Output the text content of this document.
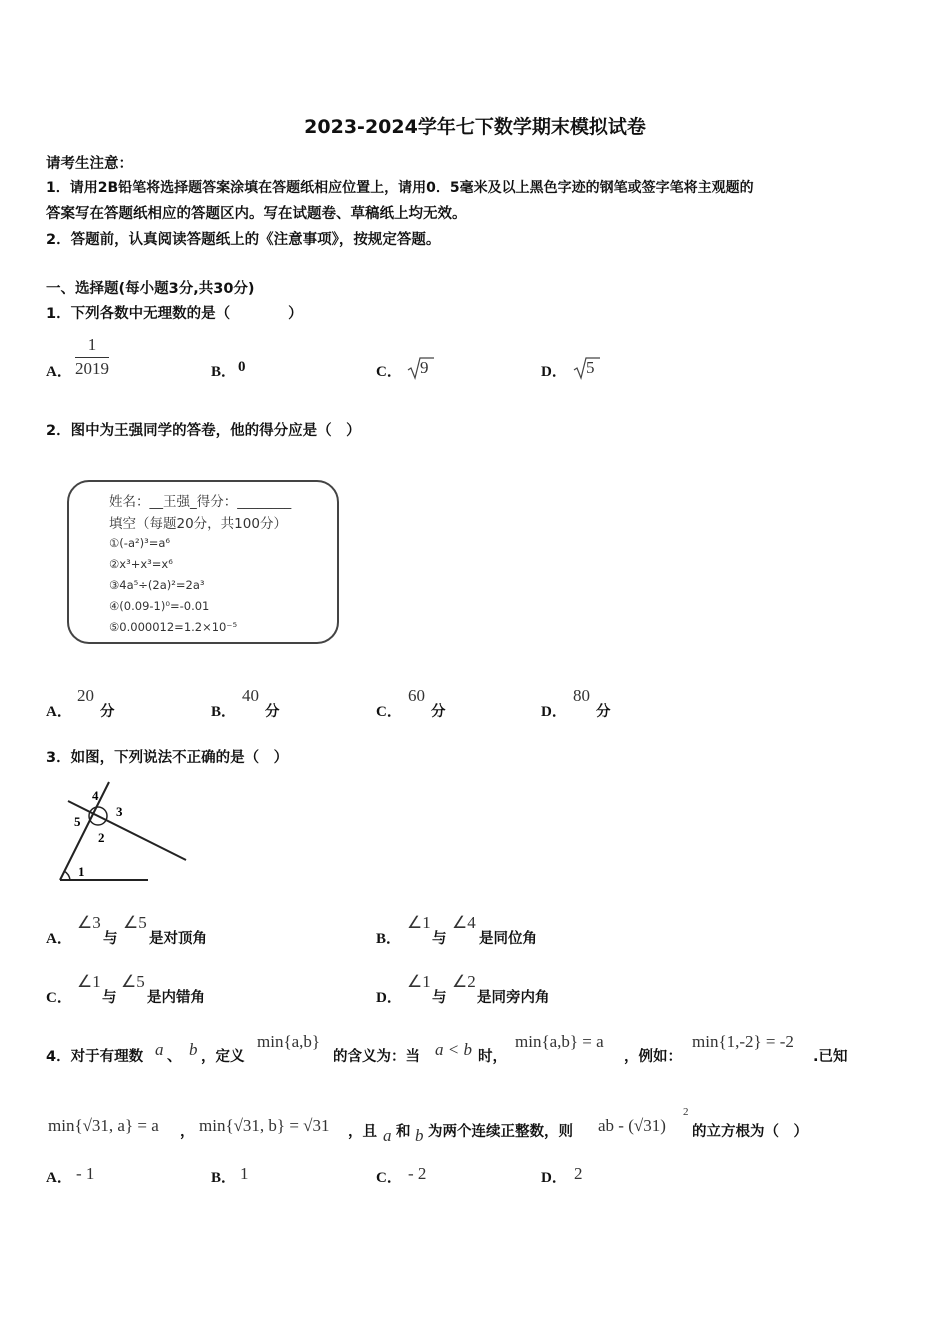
2023-2024学年七下数学期末模拟试卷
请考生注意：
1．请用2B铅笔将选择题答案涂填在答题纸相应位置上，请用0．5毫米及以上黑色字迹的钢笔或签字笔将主观题的
答案写在答题纸相应的答题区内。写在试题卷、草稿纸上均无效。
2．答题前，认真阅读答题纸上的《注意事项》，按规定答题。
一、选择题(每小题3分,共30分)
1．下列各数中无理数的是（　　　　）
A． $\frac{1}{2019}$	B． 0	C． 9	D． 5
2．图中为王强同学的答卷，他的得分应是（　）
姓名：__王强_得分：________
填空（每题20分，共100分）
①(-a²)³=a⁶
②x³+x³=x⁶
③4a⁵÷(2a)²=2a³
④(0.09-1)⁰=-0.01
⑤0.000012=1.2×10⁻⁵
A．
20
分	B．
40
分	C．
60
分	D．
80
分
3．如图，下列说法不正确的是（　）
4
3
5
2
1
A．
∠3
与
∠5
是对顶角	B．
∠1
与
∠4
是同位角
C．
∠1
与
∠5
是内错角	D．
∠1
与
∠2
是同旁内角
4．对于有理数 a 、 b ，定义
min{a,b}
的含义为：当 a < b 时，
min{a,b} = a
，例如：
min{1,-2} = -2
.已知
min{√31, a} = a ， min{√31, b} = √31 ，且 a 和 b 为两个连续正整数，则 ab - (√31)
2
的立方根为（　）
A． - 1	B． 1	C． - 2	D． 2
